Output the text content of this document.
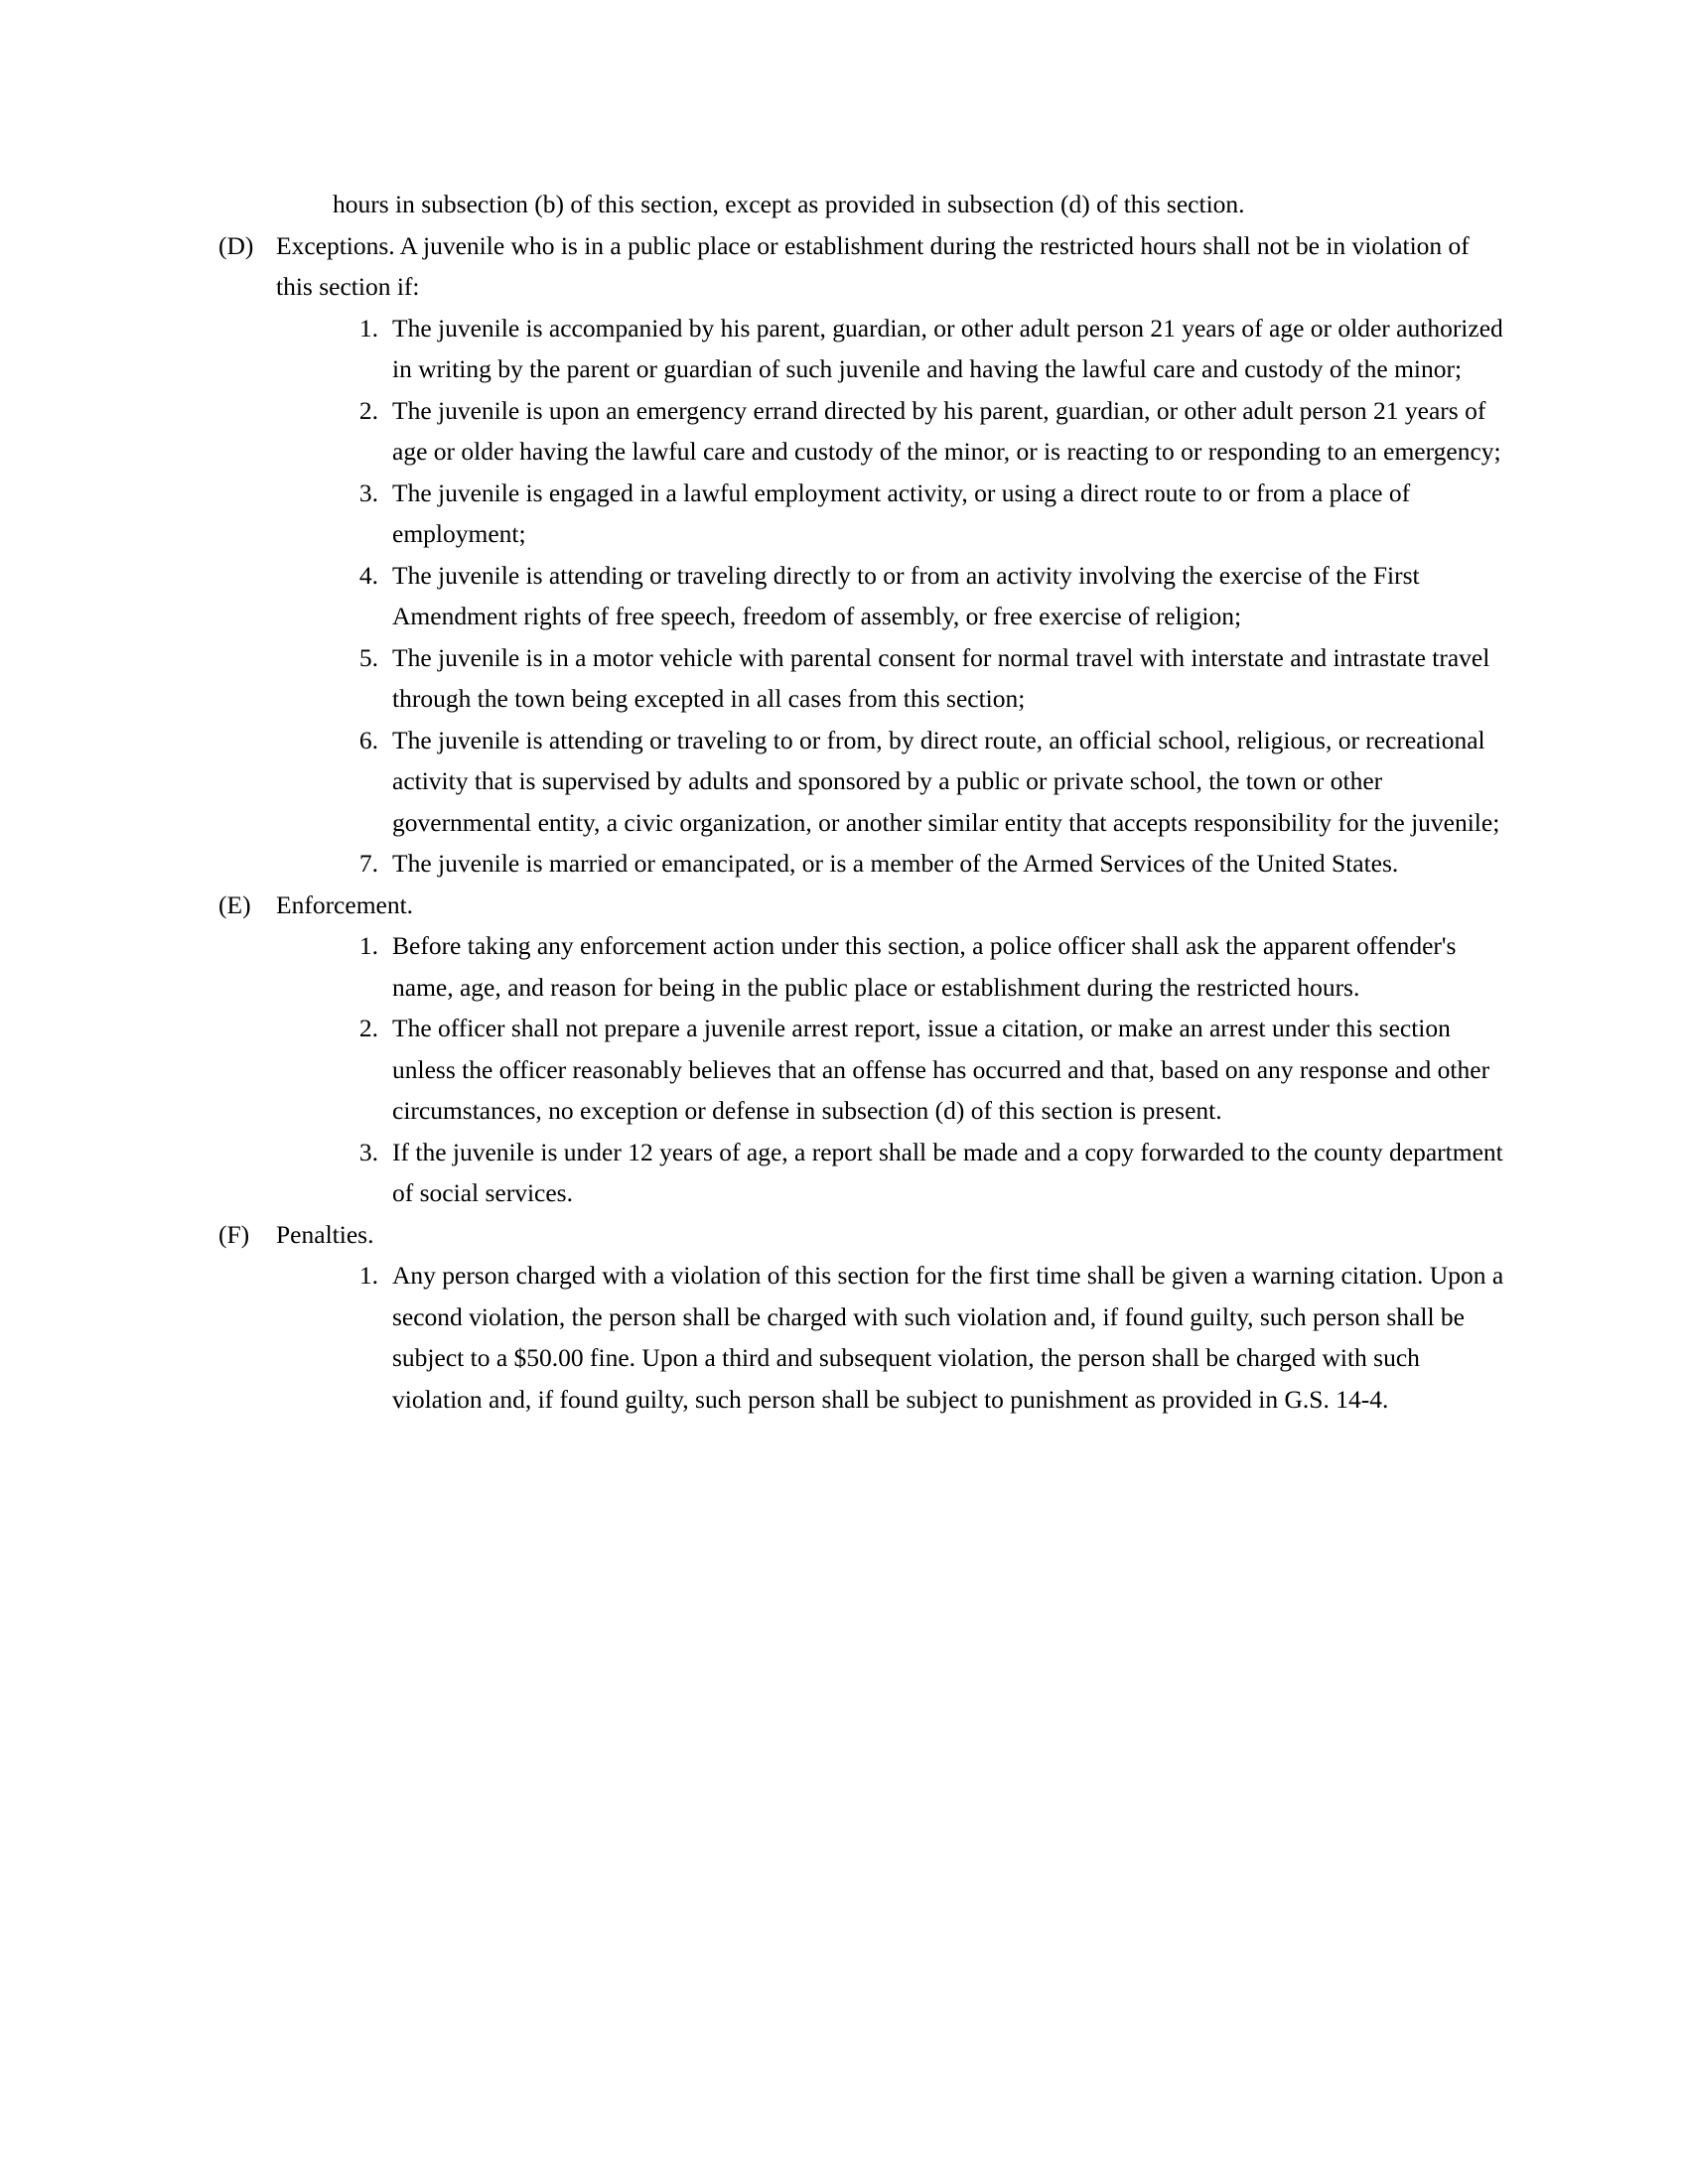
hours in subsection (b) of this section, except as provided in subsection (d) of this section.

(D) Exceptions. A juvenile who is in a public place or establishment during the restricted hours shall not be in violation of this section if:
1. The juvenile is accompanied by his parent, guardian, or other adult person 21 years of age or older authorized in writing by the parent or guardian of such juvenile and having the lawful care and custody of the minor;
2. The juvenile is upon an emergency errand directed by his parent, guardian, or other adult person 21 years of age or older having the lawful care and custody of the minor, or is reacting to or responding to an emergency;
3. The juvenile is engaged in a lawful employment activity, or using a direct route to or from a place of employment;
4. The juvenile is attending or traveling directly to or from an activity involving the exercise of the First Amendment rights of free speech, freedom of assembly, or free exercise of religion;
5. The juvenile is in a motor vehicle with parental consent for normal travel with interstate and intrastate travel through the town being excepted in all cases from this section;
6. The juvenile is attending or traveling to or from, by direct route, an official school, religious, or recreational activity that is supervised by adults and sponsored by a public or private school, the town or other governmental entity, a civic organization, or another similar entity that accepts responsibility for the juvenile;
7. The juvenile is married or emancipated, or is a member of the Armed Services of the United States.
(E) Enforcement.
1. Before taking any enforcement action under this section, a police officer shall ask the apparent offender's name, age, and reason for being in the public place or establishment during the restricted hours.
2. The officer shall not prepare a juvenile arrest report, issue a citation, or make an arrest under this section unless the officer reasonably believes that an offense has occurred and that, based on any response and other circumstances, no exception or defense in subsection (d) of this section is present.
3. If the juvenile is under 12 years of age, a report shall be made and a copy forwarded to the county department of social services.
(F)	Penalties.
1. Any person charged with a violation of this section for the first time shall be given a warning citation. Upon a second violation, the person shall be charged with such violation and, if found guilty, such person shall be subject to a $50.00 fine. Upon a third and subsequent violation, the person shall be charged with such violation and, if found guilty, such person shall be subject to punishment as provided in G.S. 14-4.
